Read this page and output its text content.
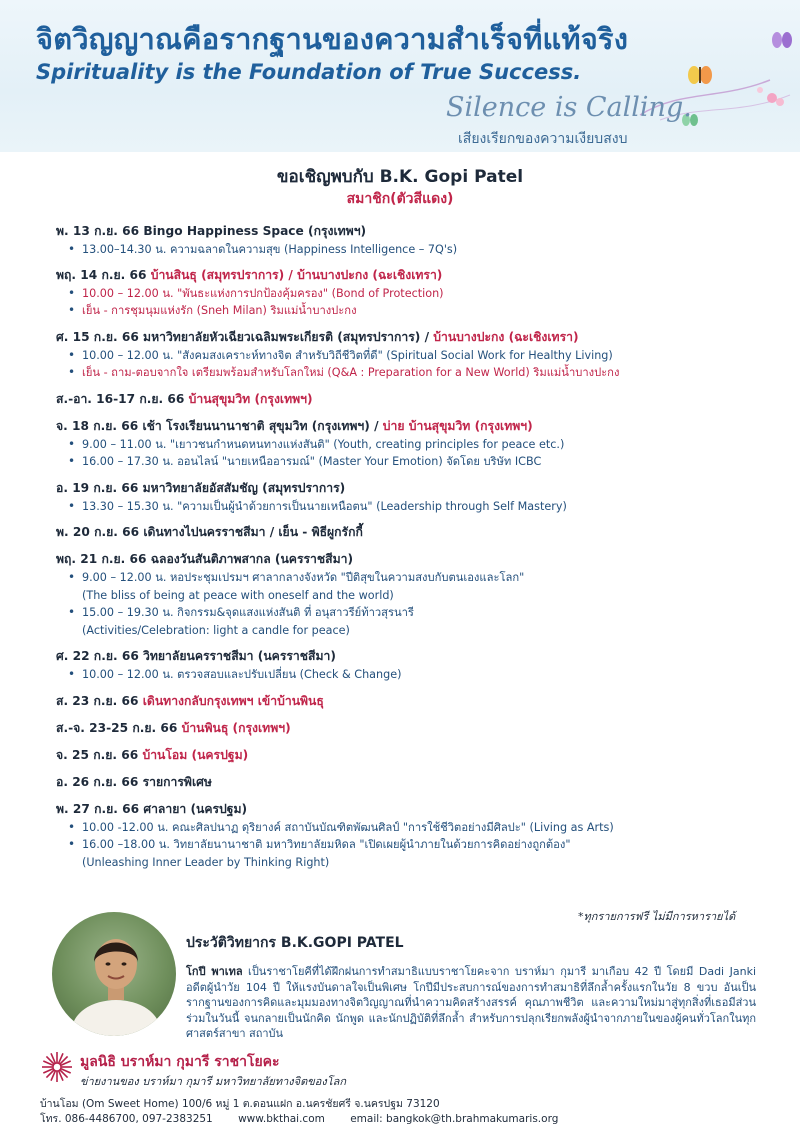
จิตวิญญาณคือรากฐานของความสำเร็จที่แท้จริง
Spirituality is the Foundation of True Success.
Silence is Calling.
เสียงเรียกของความเงียบสงบ
ขอเชิญพบกับ B.K. Gopi Patel
สมาชิก(ตัวสีแดง)
พ. 13 ก.ย. 66 Bingo Happiness Space (กรุงเทพฯ)
• 13.00–14.30 น. ความฉลาดในความสุข (Happiness Intelligence – 7Q's)
พฤ. 14 ก.ย. 66 บ้านสินธุ (สมุทรปราการ) / บ้านบางปะกง (ฉะเชิงเทรา)
• 10.00 – 12.00 น. "พันธะแห่งการปกป้องคุ้มครอง" (Bond of Protection)
• เย็น - การชุมนุมแห่งรัก (Sneh Milan) ริมแม่น้ำบางปะกง
ศ. 15 ก.ย. 66 มหาวิทยาลัยหัวเฉียวเฉลิมพระเกียรติ (สมุทรปราการ) / บ้านบางปะกง (ฉะเชิงเทรา)
• 10.00 – 12.00 น. "สังคมสงเคราะห์ทางจิต สำหรับวิถีชีวิตที่ดี" (Spiritual Social Work for Healthy Living)
• เย็น - ถาม-ตอบจากใจ เตรียมพร้อมสำหรับโลกใหม่ (Q&A : Preparation for a New World) ริมแม่น้ำบางปะกง
ส.-อา. 16-17 ก.ย. 66 บ้านสุขุมวิท (กรุงเทพฯ)
จ. 18 ก.ย. 66 เช้า โรงเรียนนานาชาติ สุขุมวิท (กรุงเทพฯ) / บ่าย บ้านสุขุมวิท (กรุงเทพฯ)
• 9.00 – 11.00 น. "เยาวชนกำหนดหนทางแห่งสันติ" (Youth, creating principles for peace etc.)
• 16.00 – 17.30 น. ออนไลน์ "นายเหนืออารมณ์" (Master Your Emotion) จัดโดย บริษัท ICBC
อ. 19 ก.ย. 66 มหาวิทยาลัยอัสสัมชัญ (สมุทรปราการ)
• 13.30 – 15.30 น. "ความเป็นผู้นำด้วยการเป็นนายเหนือตน" (Leadership through Self Mastery)
พ. 20 ก.ย. 66 เดินทางไปนครราชสีมา / เย็น - พิธีผูกรักกี้
พฤ. 21 ก.ย. 66 ฉลองวันสันติภาพสากล (นครราชสีมา)
• 9.00 – 12.00 น. หอประชุมเปรมฯ ศาลากลางจังหวัด "ปีติสุขในความสงบกับตนเองและโลก"
(The bliss of being at peace with oneself and the world)
• 15.00 – 19.30 น. กิจกรรม&จุดแสงแห่งสันติ ที่ อนุสาวรีย์ท้าวสุรนารี
(Activities/Celebration: light a candle for peace)
ศ. 22 ก.ย. 66 วิทยาลัยนครราชสีมา (นครราชสีมา)
• 10.00 – 12.00 น. ตรวจสอบและปรับเปลี่ยน (Check & Change)
ส. 23 ก.ย. 66 เดินทางกลับกรุงเทพฯ เข้าบ้านพินธุ
ส.-จ. 23-25 ก.ย. 66 บ้านพินธุ (กรุงเทพฯ)
จ. 25 ก.ย. 66 บ้านโอม (นครปฐม)
อ. 26 ก.ย. 66 รายการพิเศษ
พ. 27 ก.ย. 66 ศาลายา (นครปฐม)
• 10.00 -12.00 น. คณะศิลปนาฏ ดุริยางค์ สถาบันบัณฑิตพัฒนศิลป์ "การใช้ชีวิตอย่างมีศิลปะ" (Living as Arts)
• 16.00 –18.00 น. วิทยาลัยนานาชาติ มหาวิทยาลัยมหิดล "เปิดเผยผู้นำภายในด้วยการคิดอย่างถูกต้อง"
(Unleashing Inner Leader by Thinking Right)
*ทุกรายการฟรี ไม่มีการหารายได้
ประวัติวิทยากร B.K.GOPI PATEL
โกปี พาเทล เป็นราชาโยคีที่ได้ฝึกฝนการทำสมาธิแบบราชาโยคะจาก บราห์มา กุมารี มาเกือบ 42 ปี โดยมี Dadi Janki อดีตผู้นำวัย 104 ปี ให้แรงบันดาลใจเป็นพิเศษ โกปีมีประสบการณ์ของการทำสมาธิที่ลึกล้ำครั้งแรกในวัย 8 ขวบ อันเป็นรากฐานของการคิดและมุมมองทางจิตวิญญาณที่นำความคิดสร้างสรรค์ คุณภาพชีวิต และความใหม่มาสู่ทุกสิ่งที่เธอมีส่วนร่วมในวันนี้ จนกลายเป็นนักคิด นักพูด และนักปฏิบัติที่ลึกล้ำ สำหรับการปลุกเรียกพลังผู้นำจากภายในของผู้คนทั่วโลกในทุกศาสตร์สาขา สถาบัน
มูลนิธิ บราห์มา กุมารี ราชาโยคะ
ข่ายงานของ บราห์มา กุมารี มหาวิทยาลัยทางจิตของโลก
บ้านโอม (Om Sweet Home) 100/6 หมู่ 1 ต.ดอนแฝก อ.นครชัยศรี จ.นครปฐม 73120
โทร. 086-4486700, 097-2383251 www.bkthai.com email: bangkok@th.brahmakumaris.org
